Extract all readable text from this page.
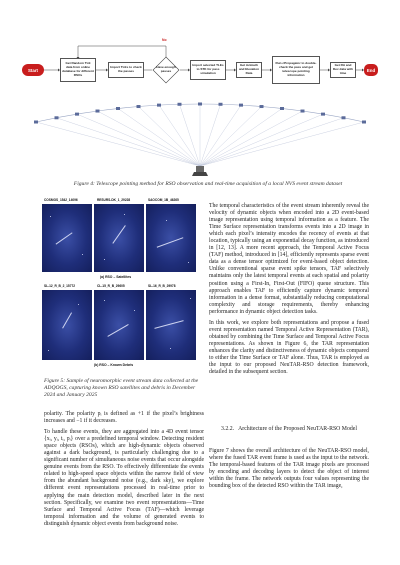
Start
Get Random TLE data from online database for different RSOs
Import TLEs to check the passes
Have enough passes
No
Import selected TLEs to STK for pass simulation
Get Azimuth and Elevation Data
Run cPropagator to double-check the pass and get telescope pointing information
Get RA and Dec data with time
End
Figure 4: Telescope pointing method for RSO observation and real-time acquisition of a local NVS event stream dataset
COSMOS_1542_14096	RESURS-DK_1_29228	SAOCOM_1B_46265
(a) RSO – Satellites
SL-12_R_B_2_15772	CL-15_R_B_29605	SL-16_R_B_29978
(b) RSO – Known Debris
Figure 5: Sample of neuromorphic event stream data collected at the ADQOGS, capturing known RSO satellites and debris in December 2024 and January 2025

polarity. The polarity pᵢ is defined as +1 if the pixel’s brightness increases and −1 if it decreases.

To handle these events, they are aggregated into a 4D event tensor {xᵢ, yᵢ, tᵢ, pᵢ} over a predefined temporal window. Detecting resident space objects (RSOs), which are high-dynamic objects observed against a dark background, is particularly challenging due to a significant number of simultaneous noise events that occur alongside genuine events from the RSO. To effectively differentiate the events related to high-speed space objects within the narrow field of view from the abundant background noise (e.g., dark sky), we explore different event representations processed in real-time prior to applying the main detection model, described later in the next section. Specifically, we examine two event representations—Time Surface and Temporal Active Focus (TAF)—which leverage temporal information and the volume of generated events to distinguish dynamic object events from background noise.

The temporal characteristics of the event stream inherently reveal the velocity of dynamic objects when encoded into a 2D event-based image representation using temporal information as a feature. The Time Surface representation transforms events into a 2D image in which each pixel’s intensity encodes the recency of events at that location, typically using an exponential decay function, as introduced in [12, 13]. A more recent approach, the Temporal Active Focus (TAF) method, introduced in [14], efficiently represents sparse event data as a dense tensor optimized for event-based object detection. Unlike conventional sparse event spike tensors, TAF selectively maintains only the latest temporal events at each spatial and polarity position using a First-In, First-Out (FIFO) queue structure. This approach enables TAF to efficiently capture dynamic temporal information in a dense format, substantially reducing computational complexity and storage requirements, thereby enhancing performance in dynamic object detection tasks.

In this work, we explore both representations and propose a fused event representation named Temporal Active Representation (TAR), obtained by combining the Time Surface and Temporal Active Focus representations. As shown in Figure 6, the TAR representation enhances the clarity and distinctiveness of dynamic objects compared to either the Time Surface or TAF alone. Thus, TAR is employed as the input to our proposed NeuTAR-RSO detection framework, detailed in the subsequent section.

3.2.2. Architecture of the Proposed NeuTAR-RSO Model

Figure 7 shows the overall architecture of the NeuTAR-RSO model, where the fused TAR event frame is used as the input to the network. The temporal-based features of the TAR image pixels are processed by encoding and decoding layers to detect the object of interest within the frame. The network outputs four values representing the bounding box of the detected RSO within the TAR image,
